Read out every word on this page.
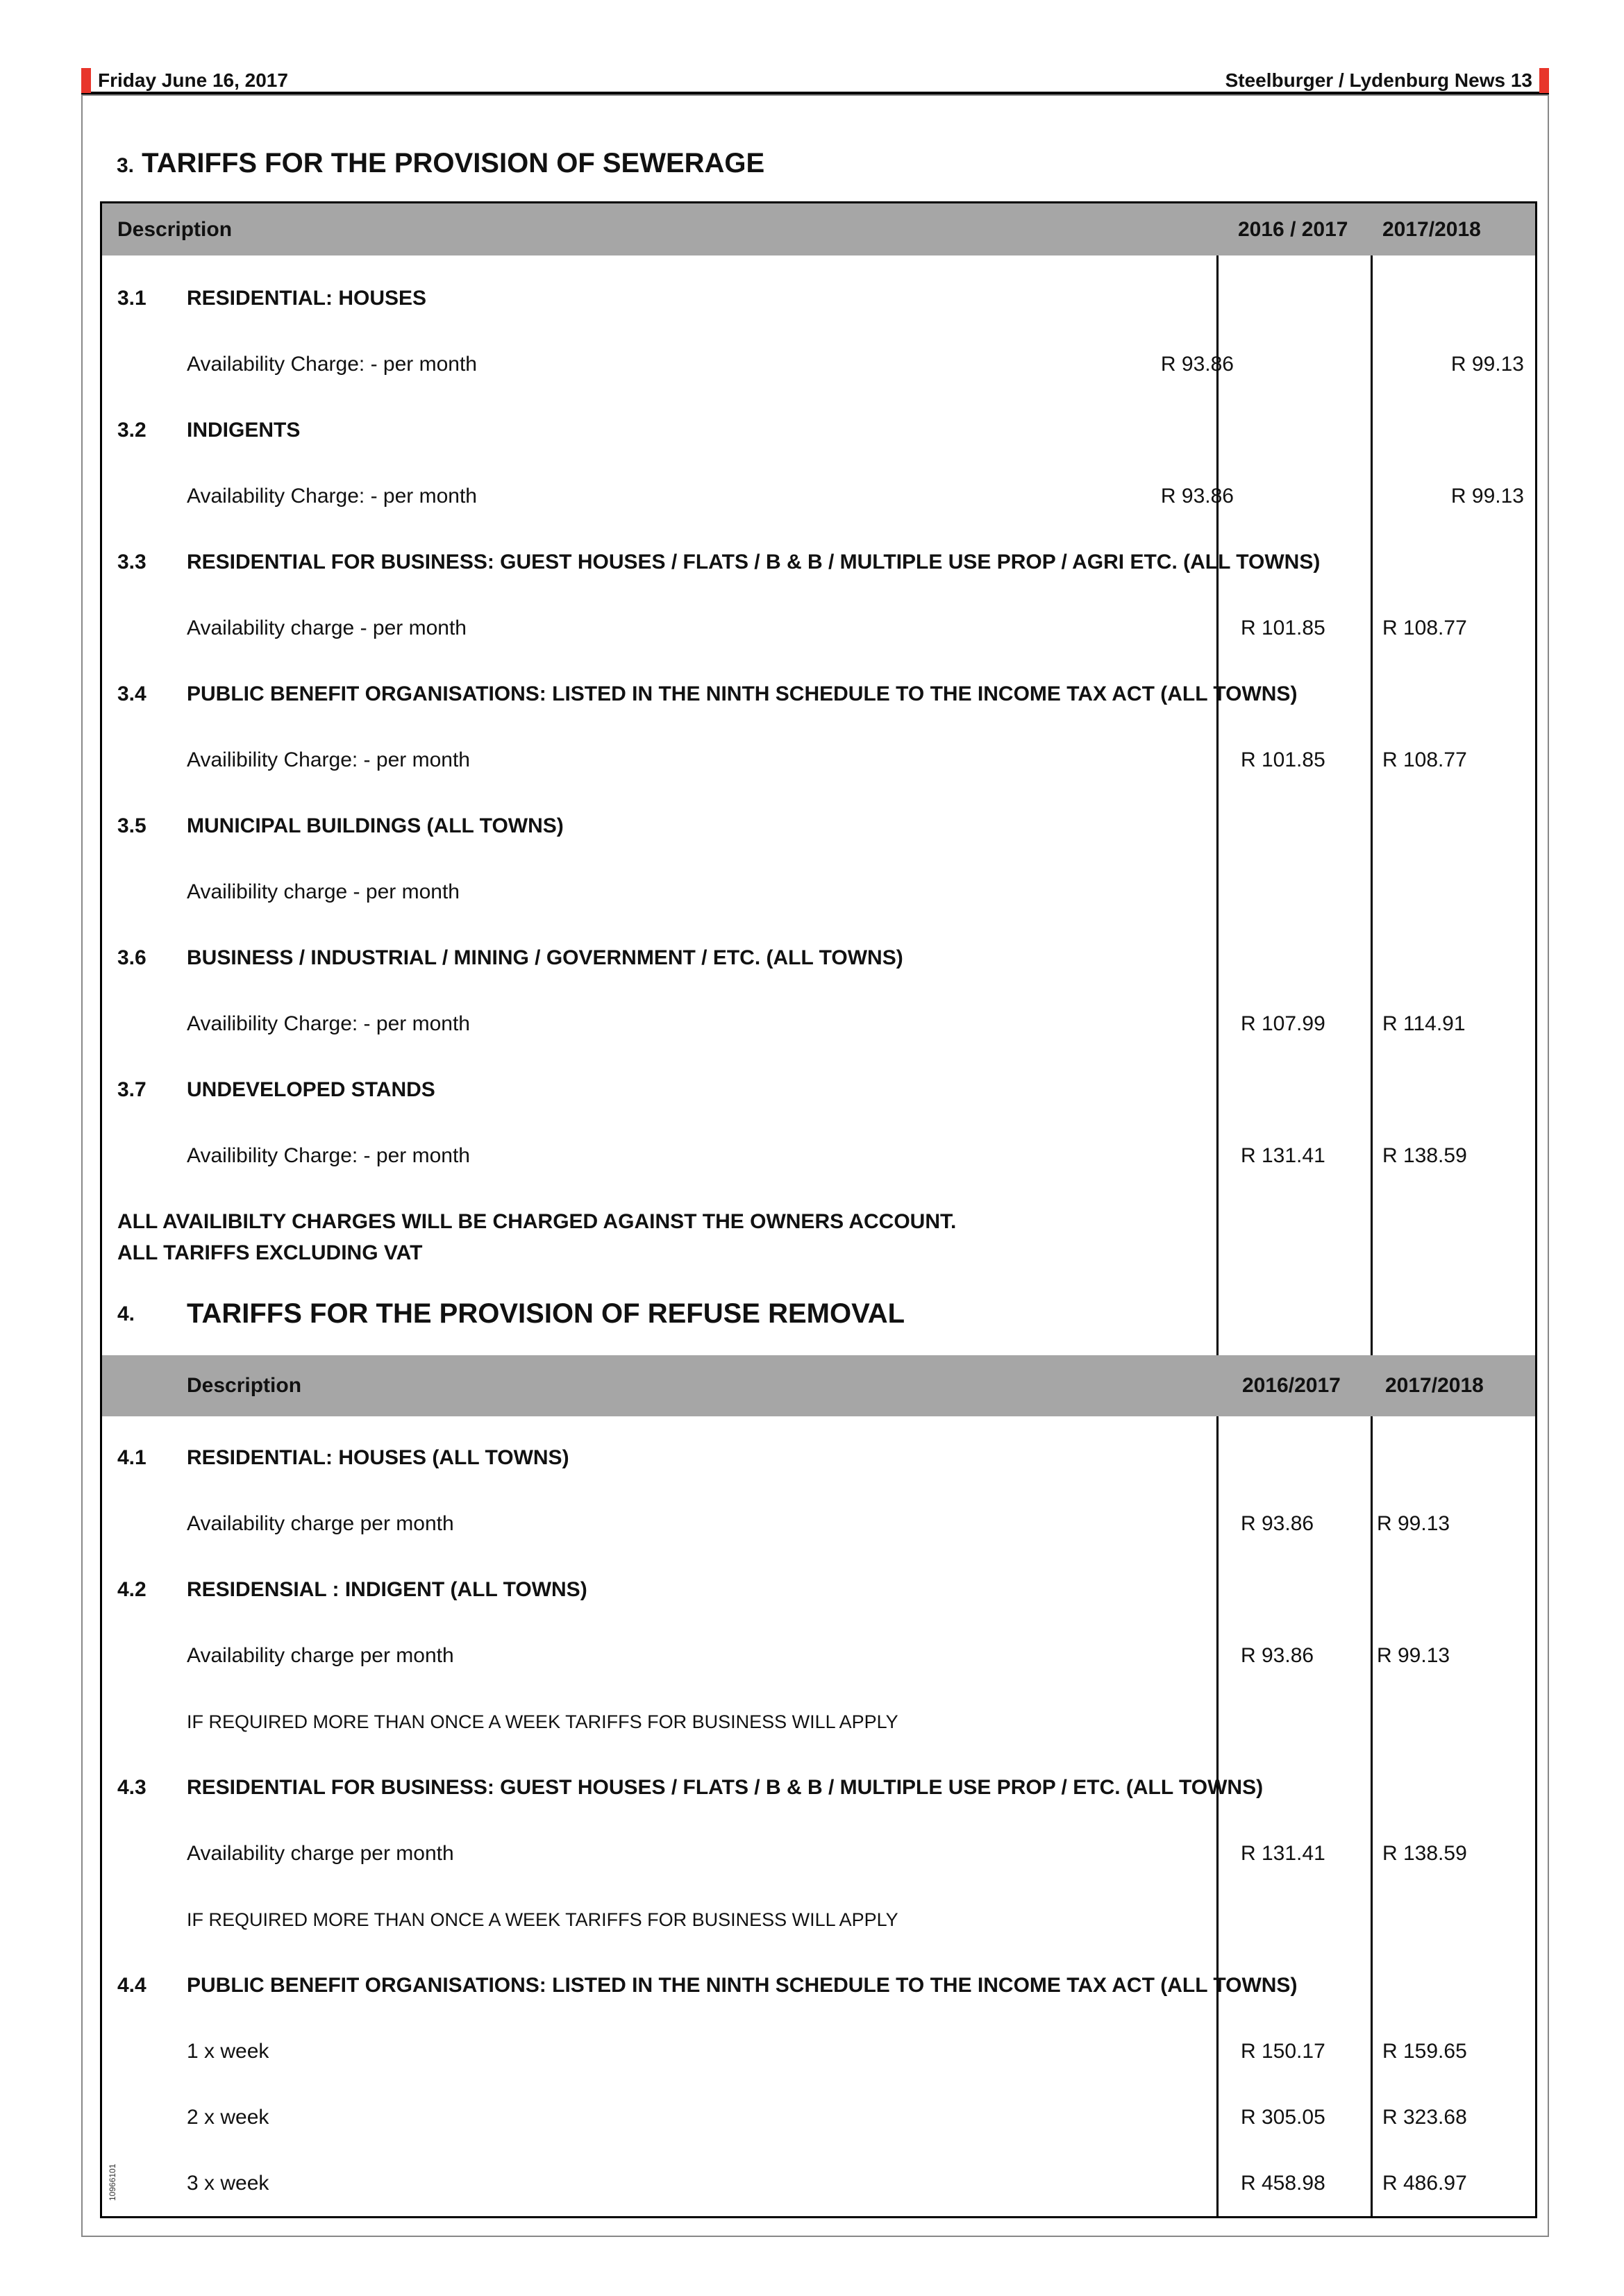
Friday June 16, 2017	Steelburger / Lydenburg News 13
3. TARIFFS FOR THE PROVISION OF SEWERAGE
Description	2016 / 2017 2017/2018
3.1 RESIDENTIAL: HOUSES
Availability Charge: - per month	R 93.86	R 99.13
3.2 INDIGENTS
Availability Charge: - per month	R 93.86	R 99.13
3.3 RESIDENTIAL FOR BUSINESS: GUEST HOUSES / FLATS / B & B / MULTIPLE USE PROP / AGRI ETC. (ALL TOWNS)
Availability charge - per month	R 101.85	R 108.77
3.4 PUBLIC BENEFIT ORGANISATIONS: LISTED IN THE NINTH SCHEDULE TO THE INCOME TAX ACT (ALL TOWNS)
Availibility Charge: - per month	R 101.85	R 108.77
3.5 MUNICIPAL BUILDINGS (ALL TOWNS)
Availibility charge - per month
3.6 BUSINESS / INDUSTRIAL / MINING / GOVERNMENT / ETC. (ALL TOWNS)
Availibility Charge: - per month	R 107.99	R 114.91
3.7 UNDEVELOPED STANDS
Availibility Charge: - per month	R 131.41	R 138.59
ALL AVAILIBILTY CHARGES WILL BE CHARGED AGAINST THE OWNERS ACCOUNT.
ALL TARIFFS EXCLUDING VAT
4. TARIFFS FOR THE PROVISION OF REFUSE REMOVAL
Description	2016/2017 2017/2018
4.1 RESIDENTIAL: HOUSES (ALL TOWNS)
Availability charge per month	R 93.86	R 99.13
4.2 RESIDENSIAL : INDIGENT (ALL TOWNS)
Availability charge per month	R 93.86	R 99.13
IF REQUIRED MORE THAN ONCE A WEEK TARIFFS FOR BUSINESS WILL APPLY
4.3 RESIDENTIAL FOR BUSINESS: GUEST HOUSES / FLATS / B & B / MULTIPLE USE PROP / ETC. (ALL TOWNS)
Availability charge per month	R 131.41	R 138.59
IF REQUIRED MORE THAN ONCE A WEEK TARIFFS FOR BUSINESS WILL APPLY
4.4 PUBLIC BENEFIT ORGANISATIONS: LISTED IN THE NINTH SCHEDULE TO THE INCOME TAX ACT (ALL TOWNS)
1 x week	R 150.17	R 159.65
2 x week	R 305.05	R 323.68
3 x week	R 458.98	R 486.97
10966101
